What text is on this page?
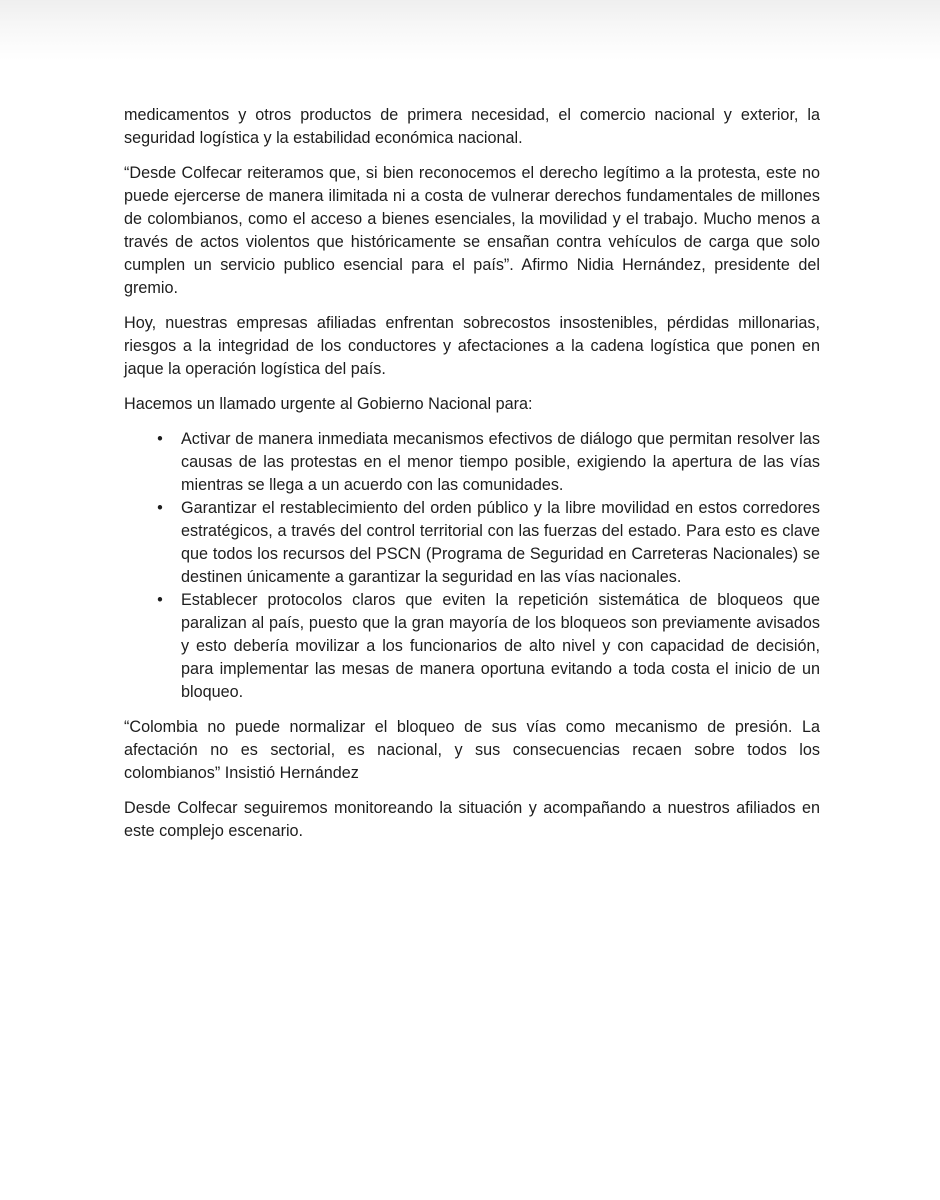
medicamentos y otros productos de primera necesidad, el comercio nacional y exterior, la seguridad logística y la estabilidad económica nacional.

“Desde Colfecar reiteramos que, si bien reconocemos el derecho legítimo a la protesta, este no puede ejercerse de manera ilimitada ni a costa de vulnerar derechos fundamentales de millones de colombianos, como el acceso a bienes esenciales, la movilidad y el trabajo. Mucho menos a través de actos violentos que históricamente se ensañan contra vehículos de carga que solo cumplen un servicio publico esencial para el país”. Afirmo Nidia Hernández, presidente del gremio.

Hoy, nuestras empresas afiliadas enfrentan sobrecostos insostenibles, pérdidas millonarias, riesgos a la integridad de los conductores y afectaciones a la cadena logística que ponen en jaque la operación logística del país.

Hacemos un llamado urgente al Gobierno Nacional para:

• Activar de manera inmediata mecanismos efectivos de diálogo que permitan resolver las causas de las protestas en el menor tiempo posible, exigiendo la apertura de las vías mientras se llega a un acuerdo con las comunidades.
• Garantizar el restablecimiento del orden público y la libre movilidad en estos corredores estratégicos, a través del control territorial con las fuerzas del estado. Para esto es clave que todos los recursos del PSCN (Programa de Seguridad en Carreteras Nacionales) se destinen únicamente a garantizar la seguridad en las vías nacionales.
• Establecer protocolos claros que eviten la repetición sistemática de bloqueos que paralizan al país, puesto que la gran mayoría de los bloqueos son previamente avisados y esto debería movilizar a los funcionarios de alto nivel y con capacidad de decisión, para implementar las mesas de manera oportuna evitando a toda costa el inicio de un bloqueo.

“Colombia no puede normalizar el bloqueo de sus vías como mecanismo de presión. La afectación no es sectorial, es nacional, y sus consecuencias recaen sobre todos los colombianos” Insistió Hernández

Desde Colfecar seguiremos monitoreando la situación y acompañando a nuestros afiliados en este complejo escenario.
